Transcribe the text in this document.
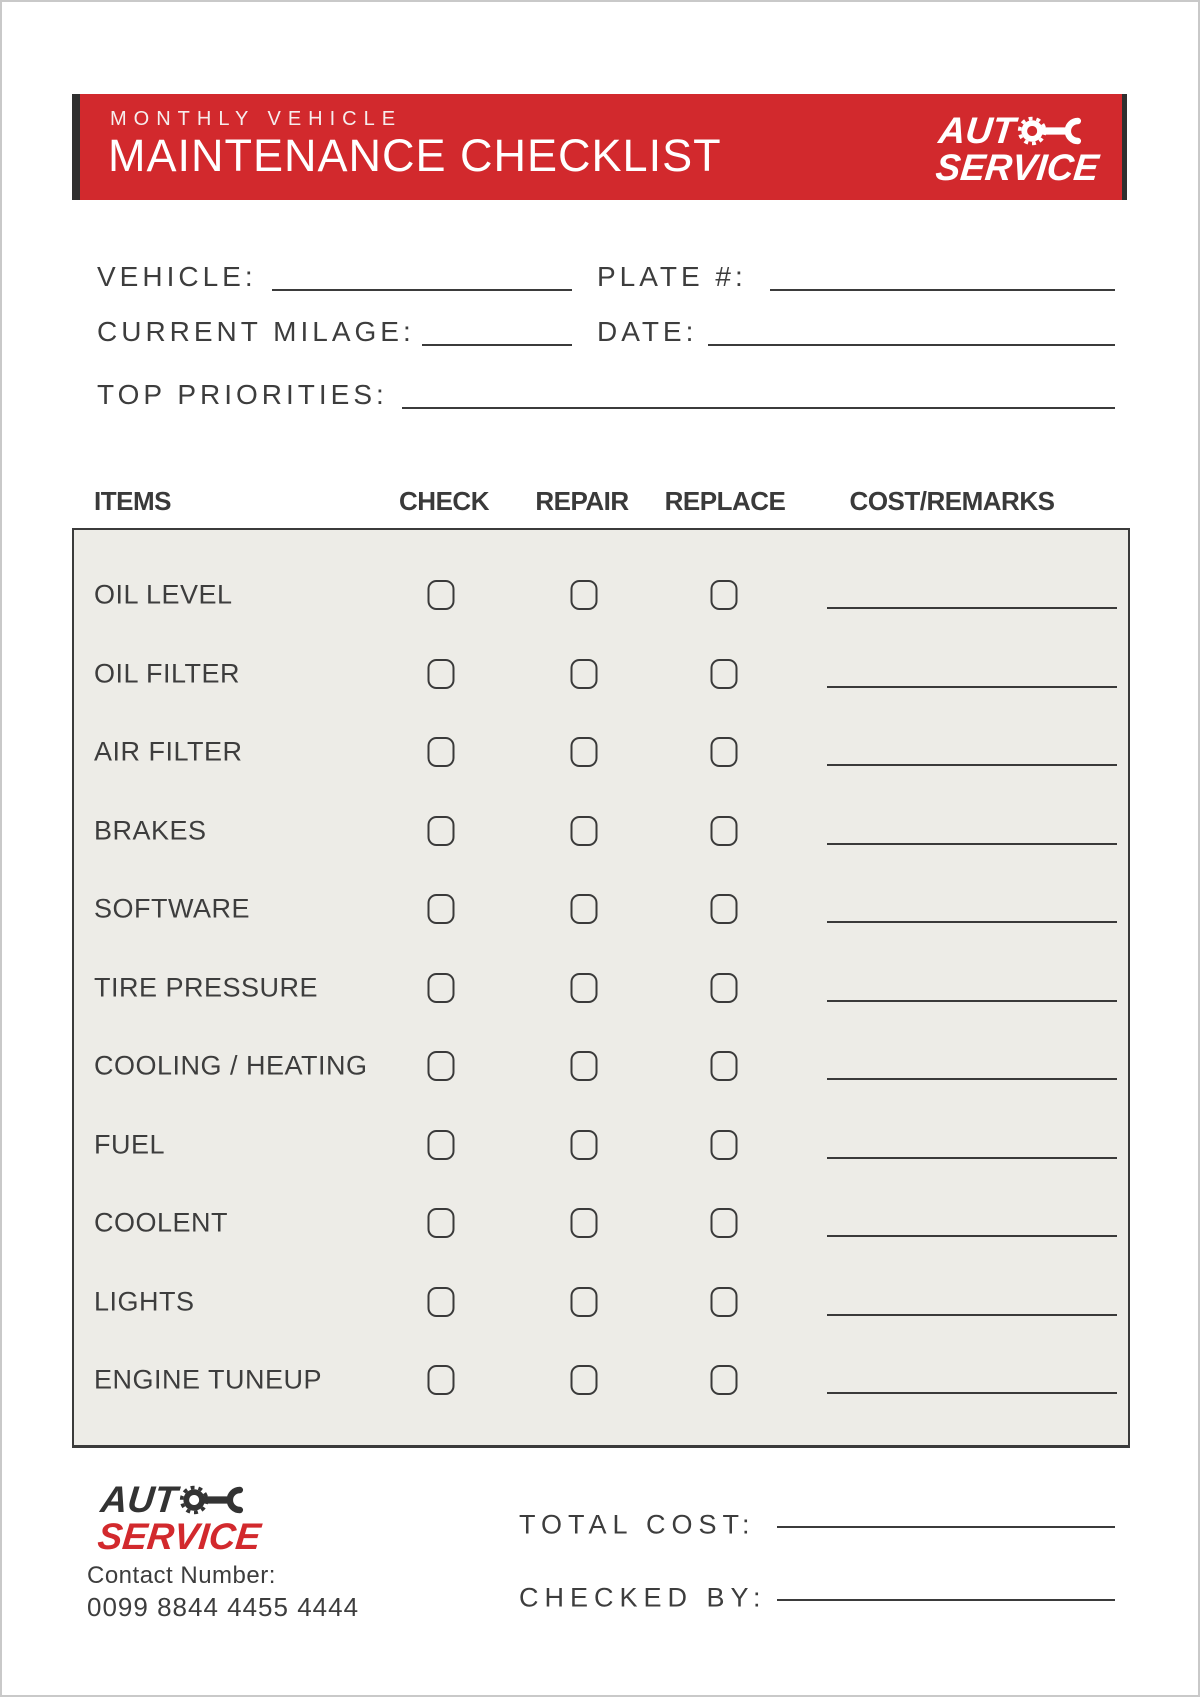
MONTHLY VEHICLE
MAINTENANCE CHECKLIST	AUT
SERVICE
VEHICLE:	PLATE #:
CURRENT MILAGE:	DATE:
TOP PRIORITIES:
ITEMS	CHECK REPAIR REPLACE COST/REMARKS
OIL LEVEL
OIL FILTER
AIR FILTER
BRAKES
SOFTWARE
TIRE PRESSURE
COOLING / HEATING
FUEL
COOLENT
LIGHTS
ENGINE TUNEUP
AUT
SERVICE
Contact Number:
0099 8844 4455 4444
TOTAL COST:
CHECKED BY:
